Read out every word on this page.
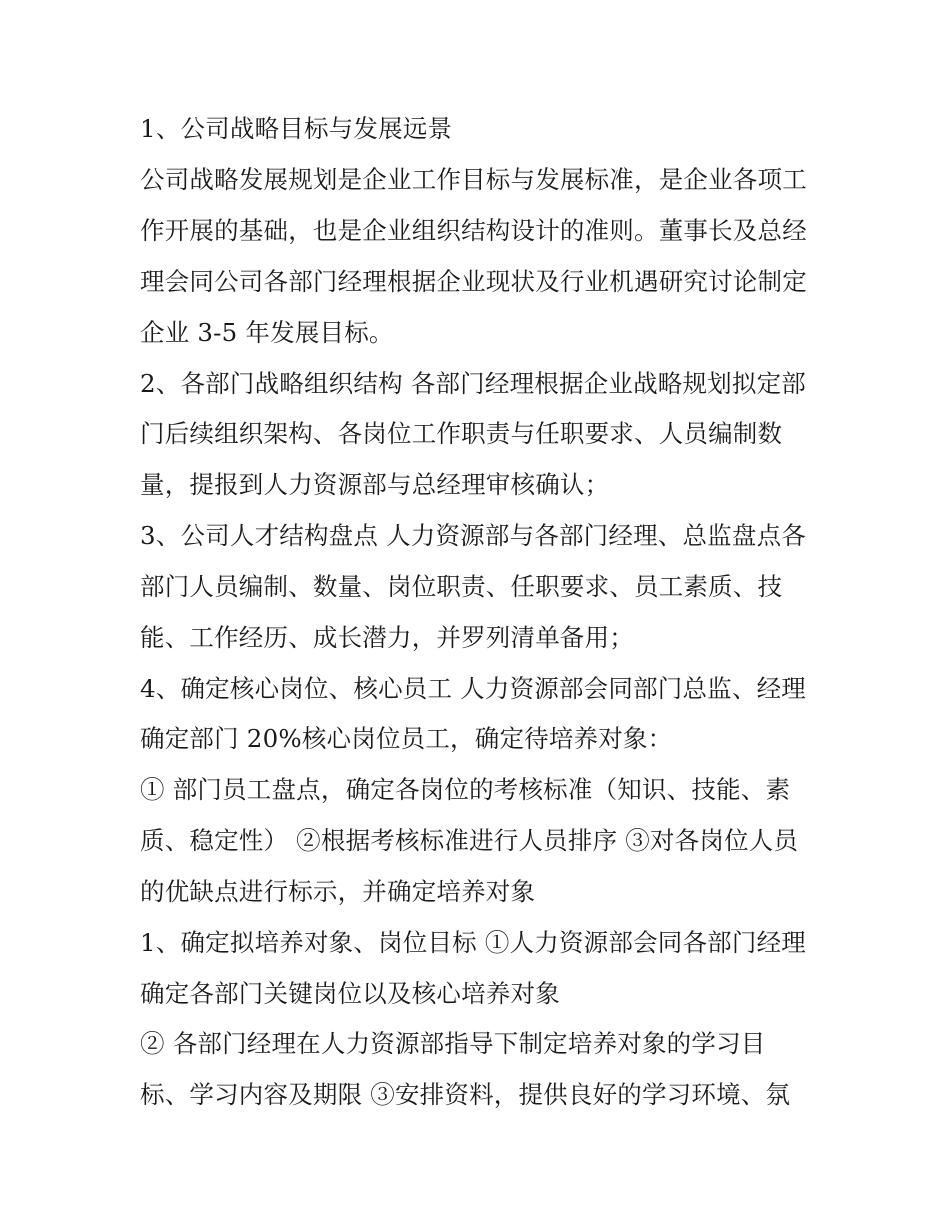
1、公司战略目标与发展远景
公司战略发展规划是企业工作目标与发展标准，是企业各项工
作开展的基础，也是企业组织结构设计的准则。董事长及总经
理会同公司各部门经理根据企业现状及行业机遇研究讨论制定
企业 3-5 年发展目标。
2、各部门战略组织结构 各部门经理根据企业战略规划拟定部
门后续组织架构、各岗位工作职责与任职要求、人员编制数
量，提报到人力资源部与总经理审核确认；
3、公司人才结构盘点 人力资源部与各部门经理、总监盘点各
部门人员编制、数量、岗位职责、任职要求、员工素质、技
能、工作经历、成长潜力，并罗列清单备用；
4、确定核心岗位、核心员工 人力资源部会同部门总监、经理
确定部门 20%核心岗位员工，确定待培养对象：
① 部门员工盘点，确定各岗位的考核标准（知识、技能、素
质、稳定性） ②根据考核标准进行人员排序 ③对各岗位人员
的优缺点进行标示，并确定培养对象
1、确定拟培养对象、岗位目标 ①人力资源部会同各部门经理
确定各部门关键岗位以及核心培养对象
② 各部门经理在人力资源部指导下制定培养对象的学习目
标、学习内容及期限 ③安排资料，提供良好的学习环境、氛
